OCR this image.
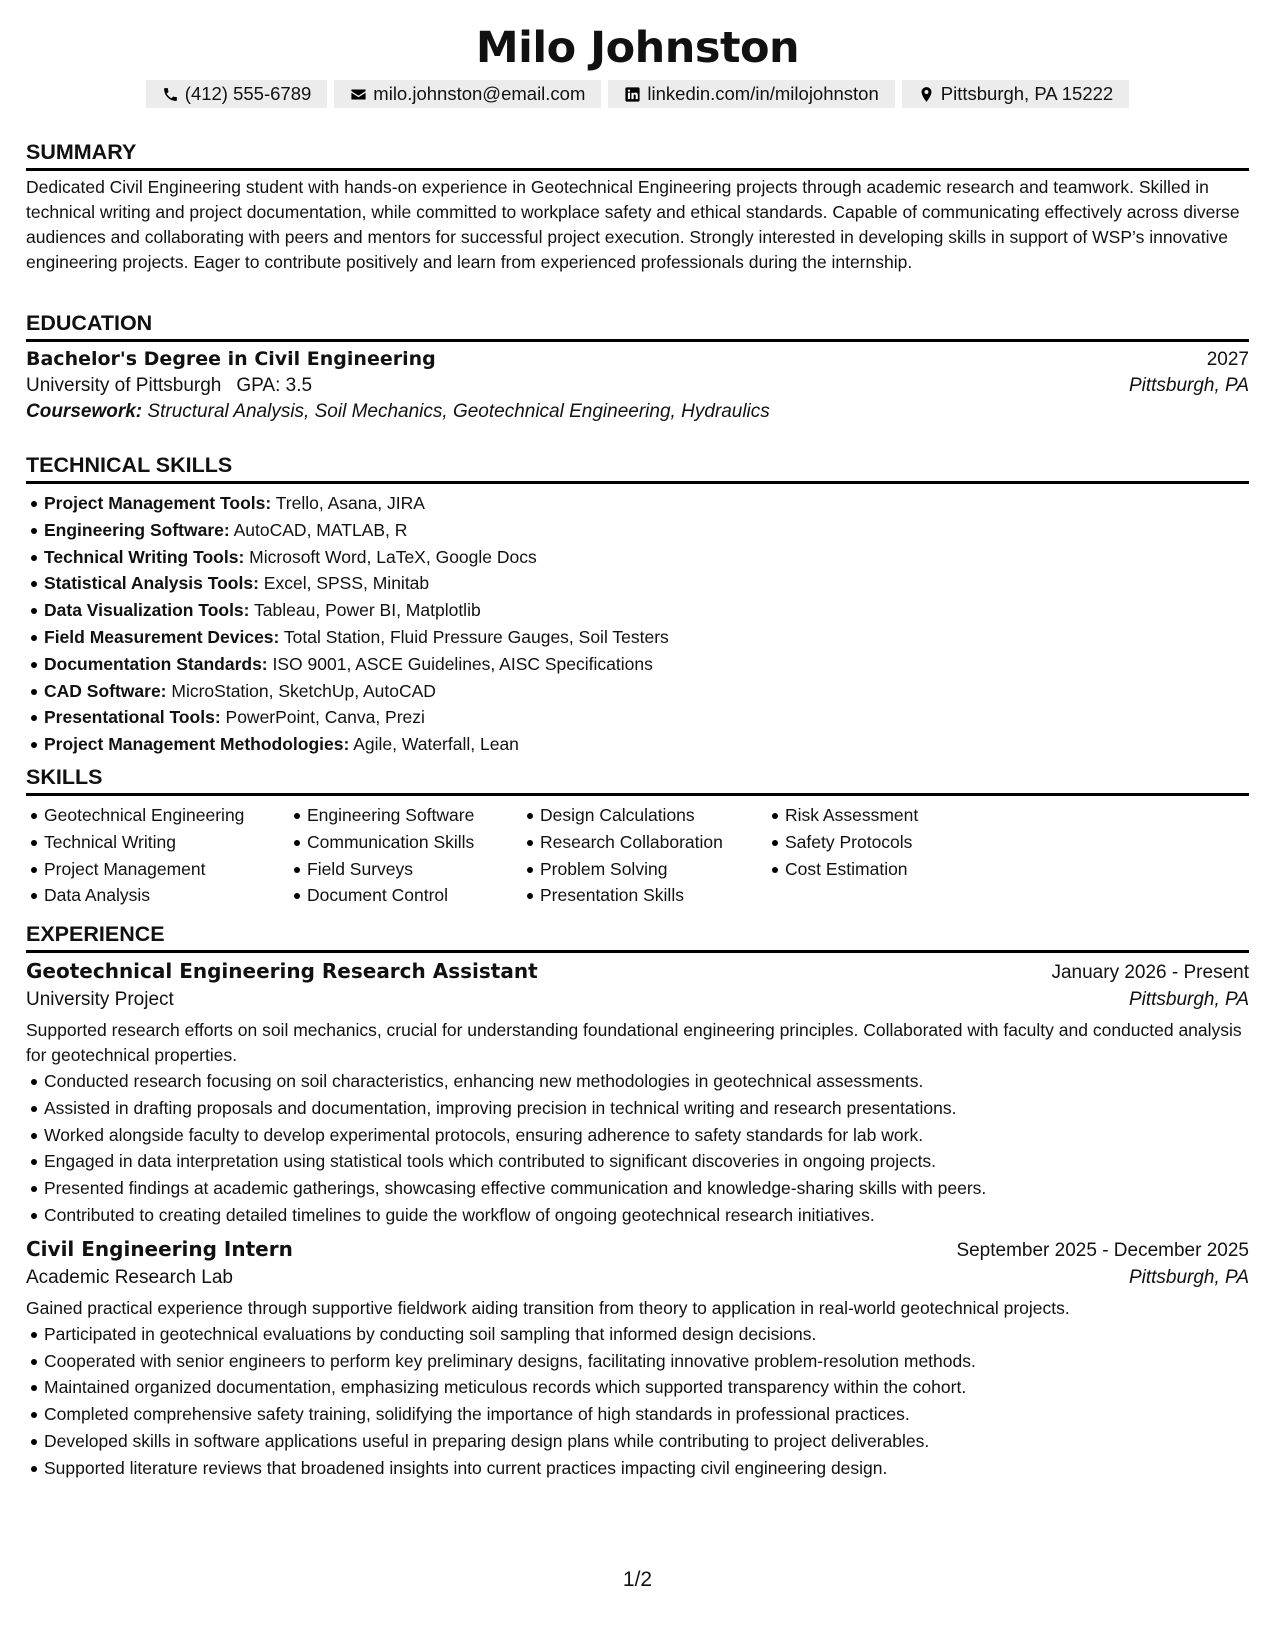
Milo Johnston
(412) 555-6789	milo.johnston@email.com	linkedin.com/in/milojohnston	Pittsburgh, PA 15222
SUMMARY

Dedicated Civil Engineering student with hands-on experience in Geotechnical Engineering projects through academic research and teamwork. Skilled in technical writing and project documentation, while committed to workplace safety and ethical standards. Capable of communicating effectively across diverse audiences and collaborating with peers and mentors for successful project execution. Strongly interested in developing skills in support of WSP’s innovative engineering projects. Eager to contribute positively and learn from experienced professionals during the internship.

EDUCATION
Bachelor's Degree in Civil Engineering	2027
University of Pittsburgh GPA: 3.5	Pittsburgh, PA
Coursework: Structural Analysis, Soil Mechanics, Geotechnical Engineering, Hydraulics
TECHNICAL SKILLS
Project Management Tools: Trello, Asana, JIRA
Engineering Software: AutoCAD, MATLAB, R
Technical Writing Tools: Microsoft Word, LaTeX, Google Docs
Statistical Analysis Tools: Excel, SPSS, Minitab
Data Visualization Tools: Tableau, Power BI, Matplotlib
Field Measurement Devices: Total Station, Fluid Pressure Gauges, Soil Testers
Documentation Standards: ISO 9001, ASCE Guidelines, AISC Specifications
CAD Software: MicroStation, SketchUp, AutoCAD
Presentational Tools: PowerPoint, Canva, Prezi
Project Management Methodologies: Agile, Waterfall, Lean
SKILLS
Geotechnical Engineering
Technical Writing
Project Management
Data Analysis
Engineering Software
Communication Skills
Field Surveys
Document Control
Design Calculations
Research Collaboration
Problem Solving
Presentation Skills
Risk Assessment
Safety Protocols
Cost Estimation
EXPERIENCE
Geotechnical Engineering Research Assistant	January 2026 - Present
University Project	Pittsburgh, PA

Supported research efforts on soil mechanics, crucial for understanding foundational engineering principles. Collaborated with faculty and conducted analysis for geotechnical properties.

Conducted research focusing on soil characteristics, enhancing new methodologies in geotechnical assessments.
Assisted in drafting proposals and documentation, improving precision in technical writing and research presentations.
Worked alongside faculty to develop experimental protocols, ensuring adherence to safety standards for lab work.
Engaged in data interpretation using statistical tools which contributed to significant discoveries in ongoing projects.
Presented findings at academic gatherings, showcasing effective communication and knowledge-sharing skills with peers.
Contributed to creating detailed timelines to guide the workflow of ongoing geotechnical research initiatives.
Civil Engineering Intern	September 2025 - December 2025
Academic Research Lab	Pittsburgh, PA

Gained practical experience through supportive fieldwork aiding transition from theory to application in real-world geotechnical projects.

Participated in geotechnical evaluations by conducting soil sampling that informed design decisions.
Cooperated with senior engineers to perform key preliminary designs, facilitating innovative problem-resolution methods.
Maintained organized documentation, emphasizing meticulous records which supported transparency within the cohort.
Completed comprehensive safety training, solidifying the importance of high standards in professional practices.
Developed skills in software applications useful in preparing design plans while contributing to project deliverables.
Supported literature reviews that broadened insights into current practices impacting civil engineering design.
1/2
